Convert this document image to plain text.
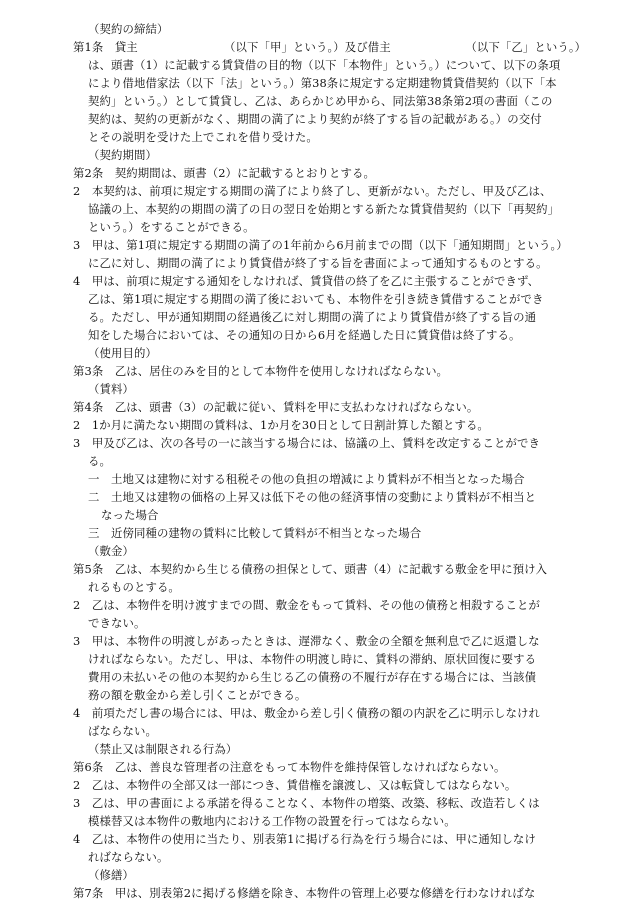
（契約の締結）
第1条　貸主　　　　　　　　（以下「甲」という。）及び借主　　　　　　　（以下「乙」という。）
は、頭書（1）に記載する賃貸借の目的物（以下「本物件」という。）について、以下の条項
により借地借家法（以下「法」という。）第38条に規定する定期建物賃貸借契約（以下「本
契約」という。）として賃貸し、乙は、あらかじめ甲から、同法第38条第2項の書面（この
契約は、契約の更新がなく、期間の満了により契約が終了する旨の記載がある。）の交付
とその説明を受けた上でこれを借り受けた。
（契約期間）
第2条　契約期間は、頭書（2）に記載するとおりとする。
2　本契約は、前項に規定する期間の満了により終了し、更新がない。ただし、甲及び乙は、
協議の上、本契約の期間の満了の日の翌日を始期とする新たな賃貸借契約（以下「再契約」
という。）をすることができる。
3　甲は、第1項に規定する期間の満了の1年前から6月前までの間（以下「通知期間」という。）
に乙に対し、期間の満了により賃貸借が終了する旨を書面によって通知するものとする。
4　甲は、前項に規定する通知をしなければ、賃貸借の終了を乙に主張することができず、
乙は、第1項に規定する期間の満了後においても、本物件を引き続き賃借することができ
る。ただし、甲が通知期間の経過後乙に対し期間の満了により賃貸借が終了する旨の通
知をした場合においては、その通知の日から6月を経過した日に賃貸借は終了する。
（使用目的）
第3条　乙は、居住のみを目的として本物件を使用しなければならない。
（賃料）
第4条　乙は、頭書（3）の記載に従い、賃料を甲に支払わなければならない。
2　1か月に満たない期間の賃料は、1か月を30日として日割計算した額とする。
3　甲及び乙は、次の各号の一に該当する場合には、協議の上、賃料を改定することができ
る。
一　土地又は建物に対する租税その他の負担の増減により賃料が不相当となった場合
二　土地又は建物の価格の上昇又は低下その他の経済事情の変動により賃料が不相当と
なった場合
三　近傍同種の建物の賃料に比較して賃料が不相当となった場合
（敷金）
第5条　乙は、本契約から生じる債務の担保として、頭書（4）に記載する敷金を甲に預け入
れるものとする。
2　乙は、本物件を明け渡すまでの間、敷金をもって賃料、その他の債務と相殺することが
できない。
3　甲は、本物件の明渡しがあったときは、遅滞なく、敷金の全額を無利息で乙に返還しな
ければならない。ただし、甲は、本物件の明渡し時に、賃料の滞納、原状回復に要する
費用の未払いその他の本契約から生じる乙の債務の不履行が存在する場合には、当該債
務の額を敷金から差し引くことができる。
4　前項ただし書の場合には、甲は、敷金から差し引く債務の額の内訳を乙に明示しなけれ
ばならない。
（禁止又は制限される行為）
第6条　乙は、善良な管理者の注意をもって本物件を維持保管しなければならない。
2　乙は、本物件の全部又は一部につき、賃借権を譲渡し、又は転貸してはならない。
3　乙は、甲の書面による承諾を得ることなく、本物件の増築、改築、移転、改造若しくは
模様替又は本物件の敷地内における工作物の設置を行ってはならない。
4　乙は、本物件の使用に当たり、別表第1に掲げる行為を行う場合には、甲に通知しなけ
ればならない。
（修繕）
第7条　甲は、別表第2に掲げる修繕を除き、本物件の管理上必要な修繕を行わなければな
